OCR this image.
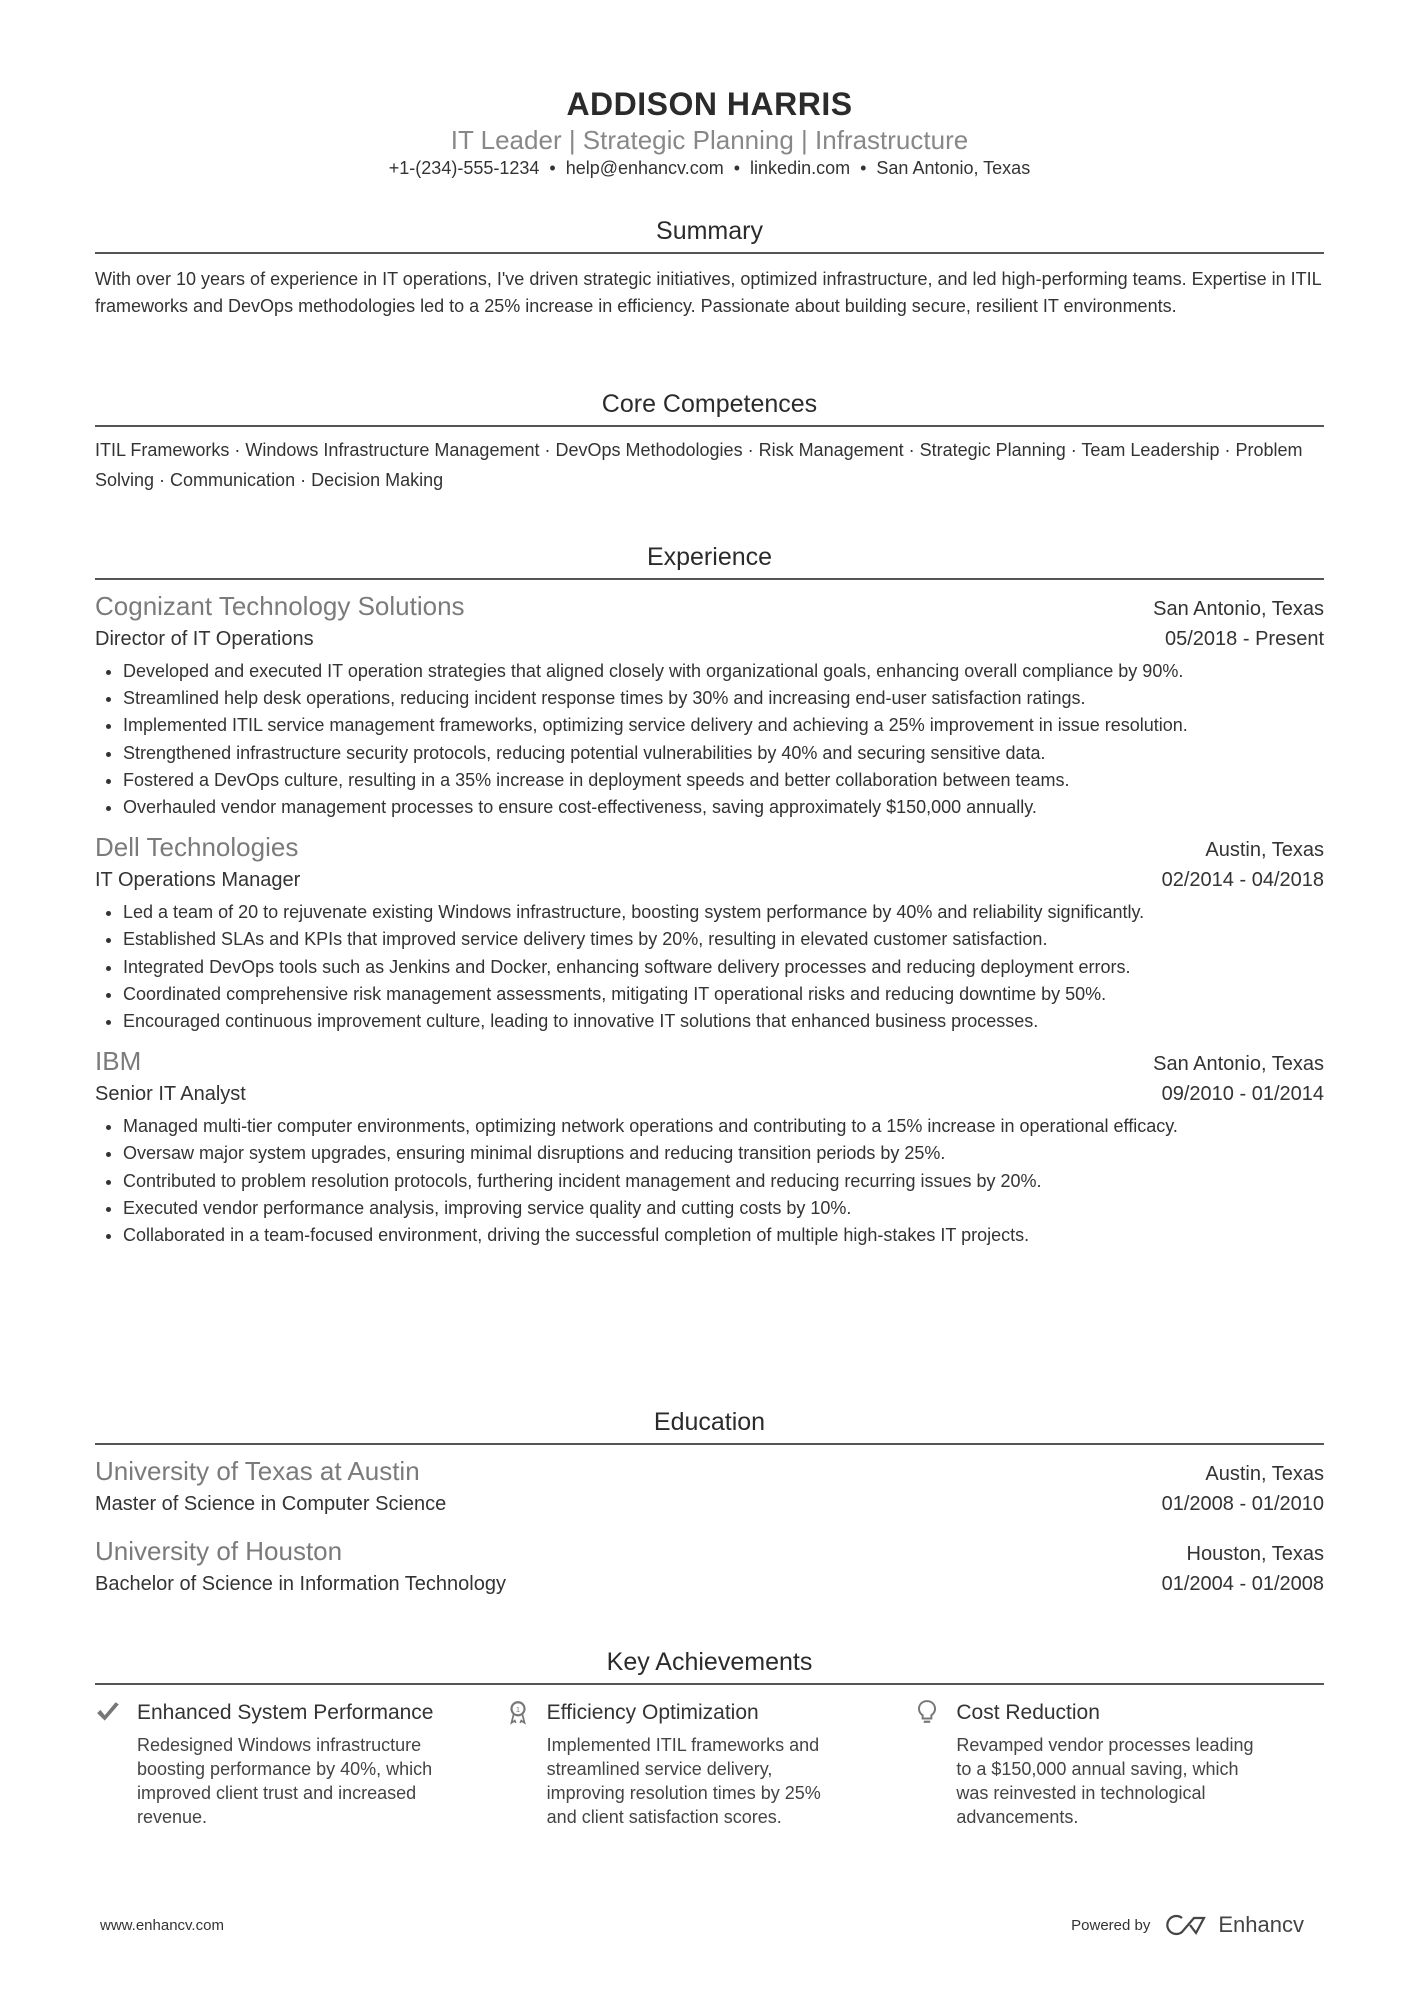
ADDISON HARRIS
IT Leader | Strategic Planning | Infrastructure
+1-(234)-555-1234 • help@enhancv.com • linkedin.com • San Antonio, Texas
Summary
With over 10 years of experience in IT operations, I've driven strategic initiatives, optimized infrastructure, and led high-performing teams. Expertise in ITIL frameworks and DevOps methodologies led to a 25% increase in efficiency. Passionate about building secure, resilient IT environments.
Core Competences
ITIL Frameworks · Windows Infrastructure Management · DevOps Methodologies · Risk Management · Strategic Planning · Team Leadership · Problem Solving · Communication · Decision Making
Experience
Cognizant Technology Solutions	San Antonio, Texas
Director of IT Operations	05/2018 - Present
• Developed and executed IT operation strategies that aligned closely with organizational goals, enhancing overall compliance by 90%.
• Streamlined help desk operations, reducing incident response times by 30% and increasing end-user satisfaction ratings.
• Implemented ITIL service management frameworks, optimizing service delivery and achieving a 25% improvement in issue resolution.
• Strengthened infrastructure security protocols, reducing potential vulnerabilities by 40% and securing sensitive data.
• Fostered a DevOps culture, resulting in a 35% increase in deployment speeds and better collaboration between teams.
• Overhauled vendor management processes to ensure cost-effectiveness, saving approximately $150,000 annually.
Dell Technologies	Austin, Texas
IT Operations Manager	02/2014 - 04/2018
• Led a team of 20 to rejuvenate existing Windows infrastructure, boosting system performance by 40% and reliability significantly.
• Established SLAs and KPIs that improved service delivery times by 20%, resulting in elevated customer satisfaction.
• Integrated DevOps tools such as Jenkins and Docker, enhancing software delivery processes and reducing deployment errors.
• Coordinated comprehensive risk management assessments, mitigating IT operational risks and reducing downtime by 50%.
• Encouraged continuous improvement culture, leading to innovative IT solutions that enhanced business processes.
IBM	San Antonio, Texas
Senior IT Analyst	09/2010 - 01/2014
• Managed multi-tier computer environments, optimizing network operations and contributing to a 15% increase in operational efficacy.
• Oversaw major system upgrades, ensuring minimal disruptions and reducing transition periods by 25%.
• Contributed to problem resolution protocols, furthering incident management and reducing recurring issues by 20%.
• Executed vendor performance analysis, improving service quality and cutting costs by 10%.
• Collaborated in a team-focused environment, driving the successful completion of multiple high-stakes IT projects.
Education
University of Texas at Austin	Austin, Texas
Master of Science in Computer Science	01/2008 - 01/2010
University of Houston	Houston, Texas
Bachelor of Science in Information Technology	01/2004 - 01/2008
Key Achievements
Enhanced System Performance
Redesigned Windows infrastructure boosting performance by 40%, which improved client trust and increased revenue.
1 Efficiency Optimization
Implemented ITIL frameworks and streamlined service delivery, improving resolution times by 25% and client satisfaction scores.
Cost Reduction
Revamped vendor processes leading to a $150,000 annual saving, which was reinvested in technological advancements.
www.enhancv.com	Powered by	Enhancv
